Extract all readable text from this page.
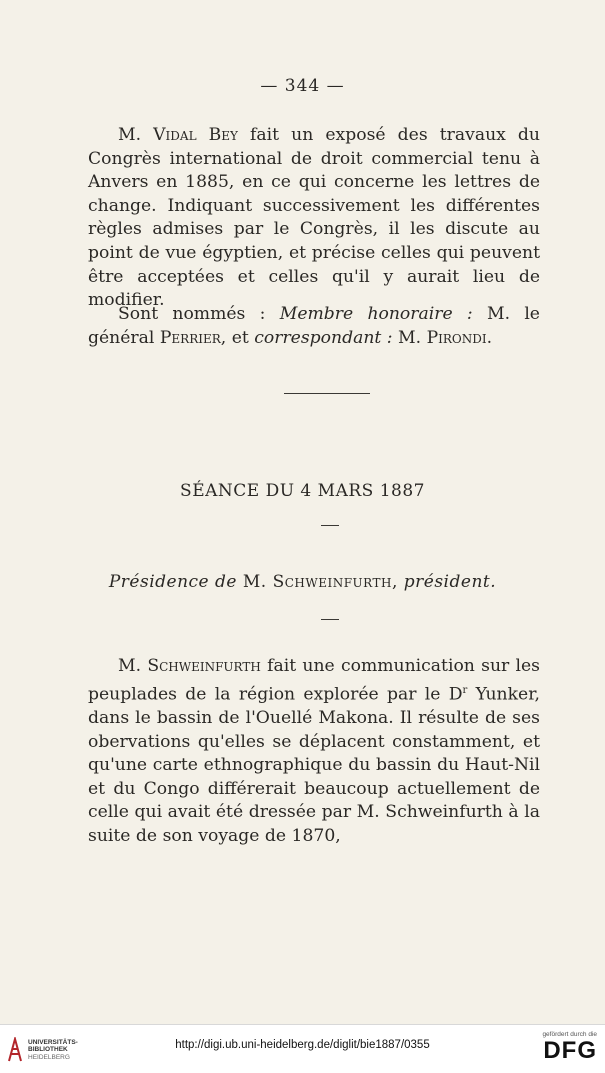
— 344 —

M. Vidal Bey fait un exposé des travaux du Congrès international de droit commercial tenu à Anvers en 1885, en ce qui concerne les lettres de change. Indiquant successivement les différentes règles admises par le Congrès, il les discute au point de vue égyptien, et précise celles qui peuvent être acceptées et celles qu'il y aurait lieu de modifier.

Sont nommés : Membre honoraire : M. le général Perrier, et correspondant : M. Pirondi.

SÉANCE DU 4 MARS 1887
Présidence de M. Schweinfurth, président.

M. Schweinfurth fait une communication sur les peuplades de la région explorée par le $D^r$ Yunker, dans le bassin de l'Ouellé Makona. Il résulte de ses obervations qu'elles se déplacent constamment, et qu'une carte ethnographique du bassin du Haut-Nil et du Congo différerait beaucoup actuellement de celle qui avait été dressée par M. Schweinfurth à la suite de son voyage de 1870,

UNIVERSITÄTS-
BIBLIOTHEK
HEIDELBERG
http://digi.ub.uni-heidelberg.de/diglit/bie1887/0355
gefördert durch die
DFG
